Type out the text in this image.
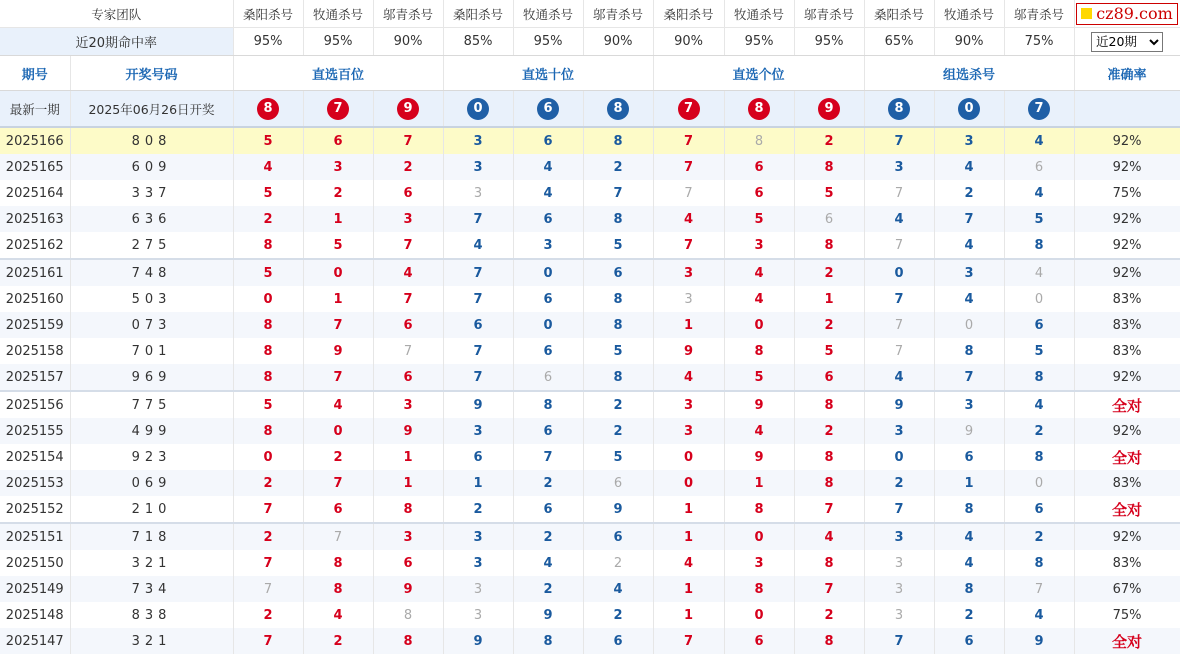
专家团队		桑阳杀号	牧通杀号	邬青杀号	桑阳杀号	牧通杀号	邬青杀号	桑阳杀号	牧通杀号	邬青杀号	桑阳杀号	牧通杀号	邬青杀号	cz89.com

近20期命中率		95%	95%	90%	85%	95%	90%	90%	95%	95%	65%	90%	75%	
近20期
期号	开奖号码	直选百位			直选十位			直选个位			组选杀号			准确率
最新一期	2025年06月26日开奖	8	7	9	0	6	8	7	8	9	8	0	7	
2025166	808	5	6	7	3	6	8	7	8	2	7	3	4	92%
2025165	609	4	3	2	3	4	2	7	6	8	3	4	6	92%
2025164	337	5	2	6	3	4	7	7	6	5	7	2	4	75%
2025163	636	2	1	3	7	6	8	4	5	6	4	7	5	92%
2025162	275	8	5	7	4	3	5	7	3	8	7	4	8	92%
2025161	748	5	0	4	7	0	6	3	4	2	0	3	4	92%
2025160	503	0	1	7	7	6	8	3	4	1	7	4	0	83%
2025159	073	8	7	6	6	0	8	1	0	2	7	0	6	83%
2025158	701	8	9	7	7	6	5	9	8	5	7	8	5	83%
2025157	969	8	7	6	7	6	8	4	5	6	4	7	8	92%
2025156	775	5	4	3	9	8	2	3	9	8	9	3	4	全对
2025155	499	8	0	9	3	6	2	3	4	2	3	9	2	92%
2025154	923	0	2	1	6	7	5	0	9	8	0	6	8	全对
2025153	069	2	7	1	1	2	6	0	1	8	2	1	0	83%
2025152	210	7	6	8	2	6	9	1	8	7	7	8	6	全对
2025151	718	2	7	3	3	2	6	1	0	4	3	4	2	92%
2025150	321	7	8	6	3	4	2	4	3	8	3	4	8	83%
2025149	734	7	8	9	3	2	4	1	8	7	3	8	7	67%
2025148	838	2	4	8	3	9	2	1	0	2	3	2	4	75%
2025147	321	7	2	8	9	8	6	7	6	8	7	6	9	全对
